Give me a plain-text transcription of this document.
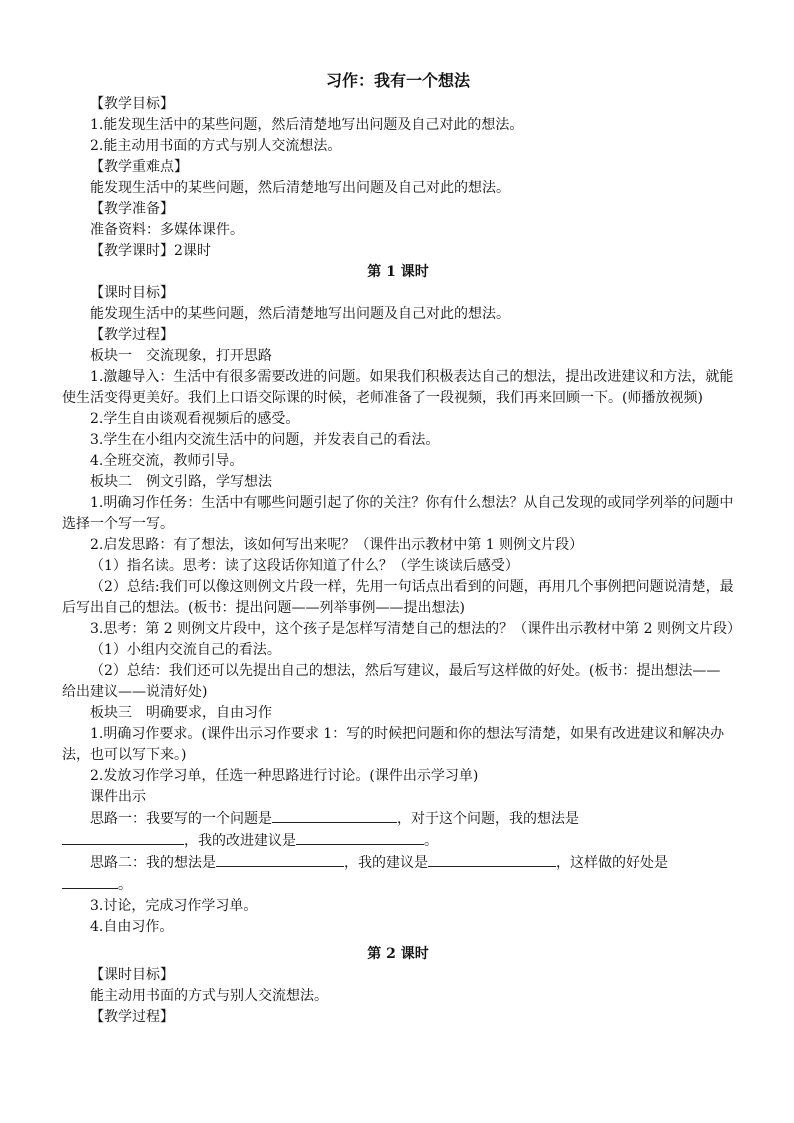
习作：我有一个想法
【教学目标】
1.能发现生活中的某些问题，然后清楚地写出问题及自己对此的想法。
2.能主动用书面的方式与别人交流想法。
【教学重难点】
能发现生活中的某些问题，然后清楚地写出问题及自己对此的想法。
【教学准备】
准备资料：多媒体课件。
【教学课时】2课时
第 1 课时
【课时目标】
能发现生活中的某些问题，然后清楚地写出问题及自己对此的想法。
【教学过程】
板块一　交流现象，打开思路
1.激趣导入：生活中有很多需要改进的问题。如果我们积极表达自己的想法，提出改进建议和方法，就能使生活变得更美好。我们上口语交际课的时候，老师准备了一段视频，我们再来回顾一下。(师播放视频)
2.学生自由谈观看视频后的感受。
3.学生在小组内交流生活中的问题，并发表自己的看法。
4.全班交流，教师引导。
板块二　例文引路，学写想法
1.明确习作任务：生活中有哪些问题引起了你的关注？你有什么想法？从自己发现的或同学列举的问题中选择一个写一写。
2.启发思路：有了想法，该如何写出来呢？（课件出示教材中第 1 则例文片段）
（1）指名读。思考：读了这段话你知道了什么？（学生谈读后感受）
（2）总结:我们可以像这则例文片段一样，先用一句话点出看到的问题，再用几个事例把问题说清楚，最后写出自己的想法。(板书：提出问题——列举事例——提出想法)
3.思考：第 2 则例文片段中，这个孩子是怎样写清楚自己的想法的？（课件出示教材中第 2 则例文片段）
（1）小组内交流自己的看法。
（2）总结：我们还可以先提出自己的想法，然后写建议，最后写这样做的好处。(板书：提出想法——给出建议——说清好处)
板块三　明确要求，自由习作
1.明确习作要求。(课件出示习作要求 1：写的时候把问题和你的想法写清楚，如果有改进建议和解决办法，也可以写下来。)
2.发放习作学习单，任选一种思路进行讨论。(课件出示学习单)
课件出示
思路一：我要写的一个问题是	，对于这个问题，我的想法是
，我的改进建议是	。
思路二：我的想法是	，我的建议是	，这样做的好处是
。
3.讨论，完成习作学习单。
4.自由习作。
第 2 课时
【课时目标】
能主动用书面的方式与别人交流想法。
【教学过程】
